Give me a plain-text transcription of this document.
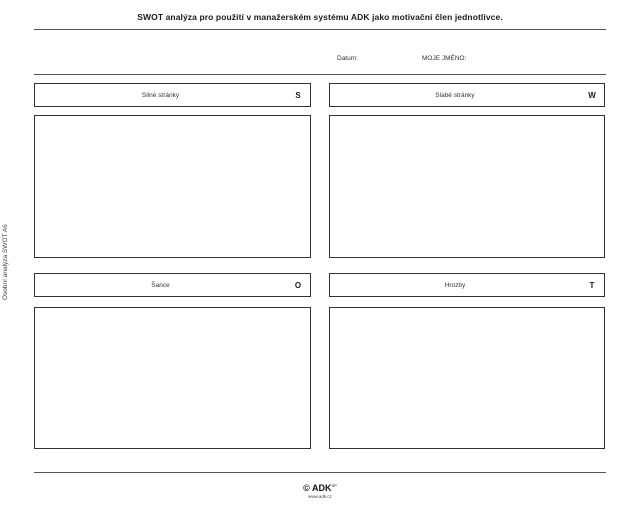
SWOT analýza pro použití v manažerském systému ADK jako motivační člen jednotlivce.
Datum:	MOJE JMÉNO:
Osobní analýza SWOT A6
Silné stránky	S	Slabé stránky	W
Šance	O	Hrozby	T
© $ADK^{SP}$
www.adk.cz
